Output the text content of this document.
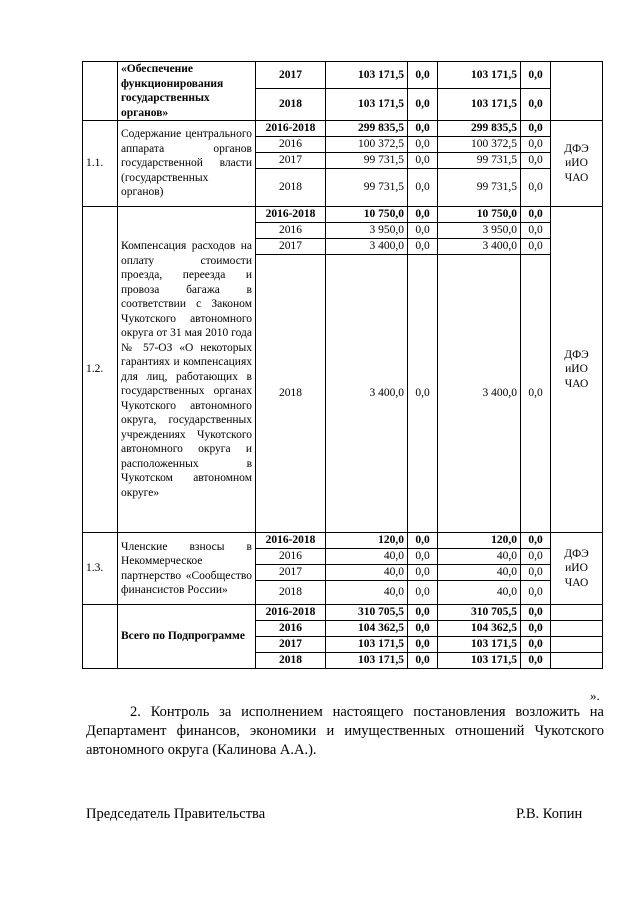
	«Обеспечение функционирования государственных органов»	2017	103 171,5	0,0	103 171,5	0,0	
		2018	103 171,5	0,0	103 171,5	0,0	
1.1.	Содержание центрального аппарата органов государственной власти (государственных органов)	2016-2018	299 835,5	0,0	299 835,5	0,0	ДФЭ иИО ЧАО
		2016	100 372,5	0,0	100 372,5	0,0	
		2017	99 731,5	0,0	99 731,5	0,0	
		2018	99 731,5	0,0	99 731,5	0,0	
1.2.	Компенсация расходов на оплату стоимости проезда, переезда и провоза багажа в соответствии с Законом Чукотского автономного округа от 31 мая 2010 года № 57-ОЗ «О некоторых гарантиях и компенсациях для лиц, работающих в государственных органах Чукотского автономного округа, государственных учреждениях Чукотского автономного округа и расположенных в Чукотском автономном округе»	2016-2018	10 750,0	0,0	10 750,0	0,0	ДФЭ иИО ЧАО
		2016	3 950,0	0,0	3 950,0	0,0	
		2017	3 400,0	0,0	3 400,0	0,0	
		2018	3 400,0	0,0	3 400,0	0,0	
1.3.	Членские взносы в Некоммерческое партнерство «Сообщество финансистов России»	2016-2018	120,0	0,0	120,0	0,0	ДФЭ иИО ЧАО
		2016	40,0	0,0	40,0	0,0	
		2017	40,0	0,0	40,0	0,0	
		2018	40,0	0,0	40,0	0,0	
	Всего по Подпрограмме	2016-2018	310 705,5	0,0	310 705,5	0,0	
		2016	104 362,5	0,0	104 362,5	0,0	
		2017	103 171,5	0,0	103 171,5	0,0	
		2018	103 171,5	0,0	103 171,5	0,0	
».
2. Контроль за исполнением настоящего постановления возложить на Департамент финансов, экономики и имущественных отношений Чукотского автономного округа (Калинова А.А.).
Председатель Правительства	Р.В. Копин
